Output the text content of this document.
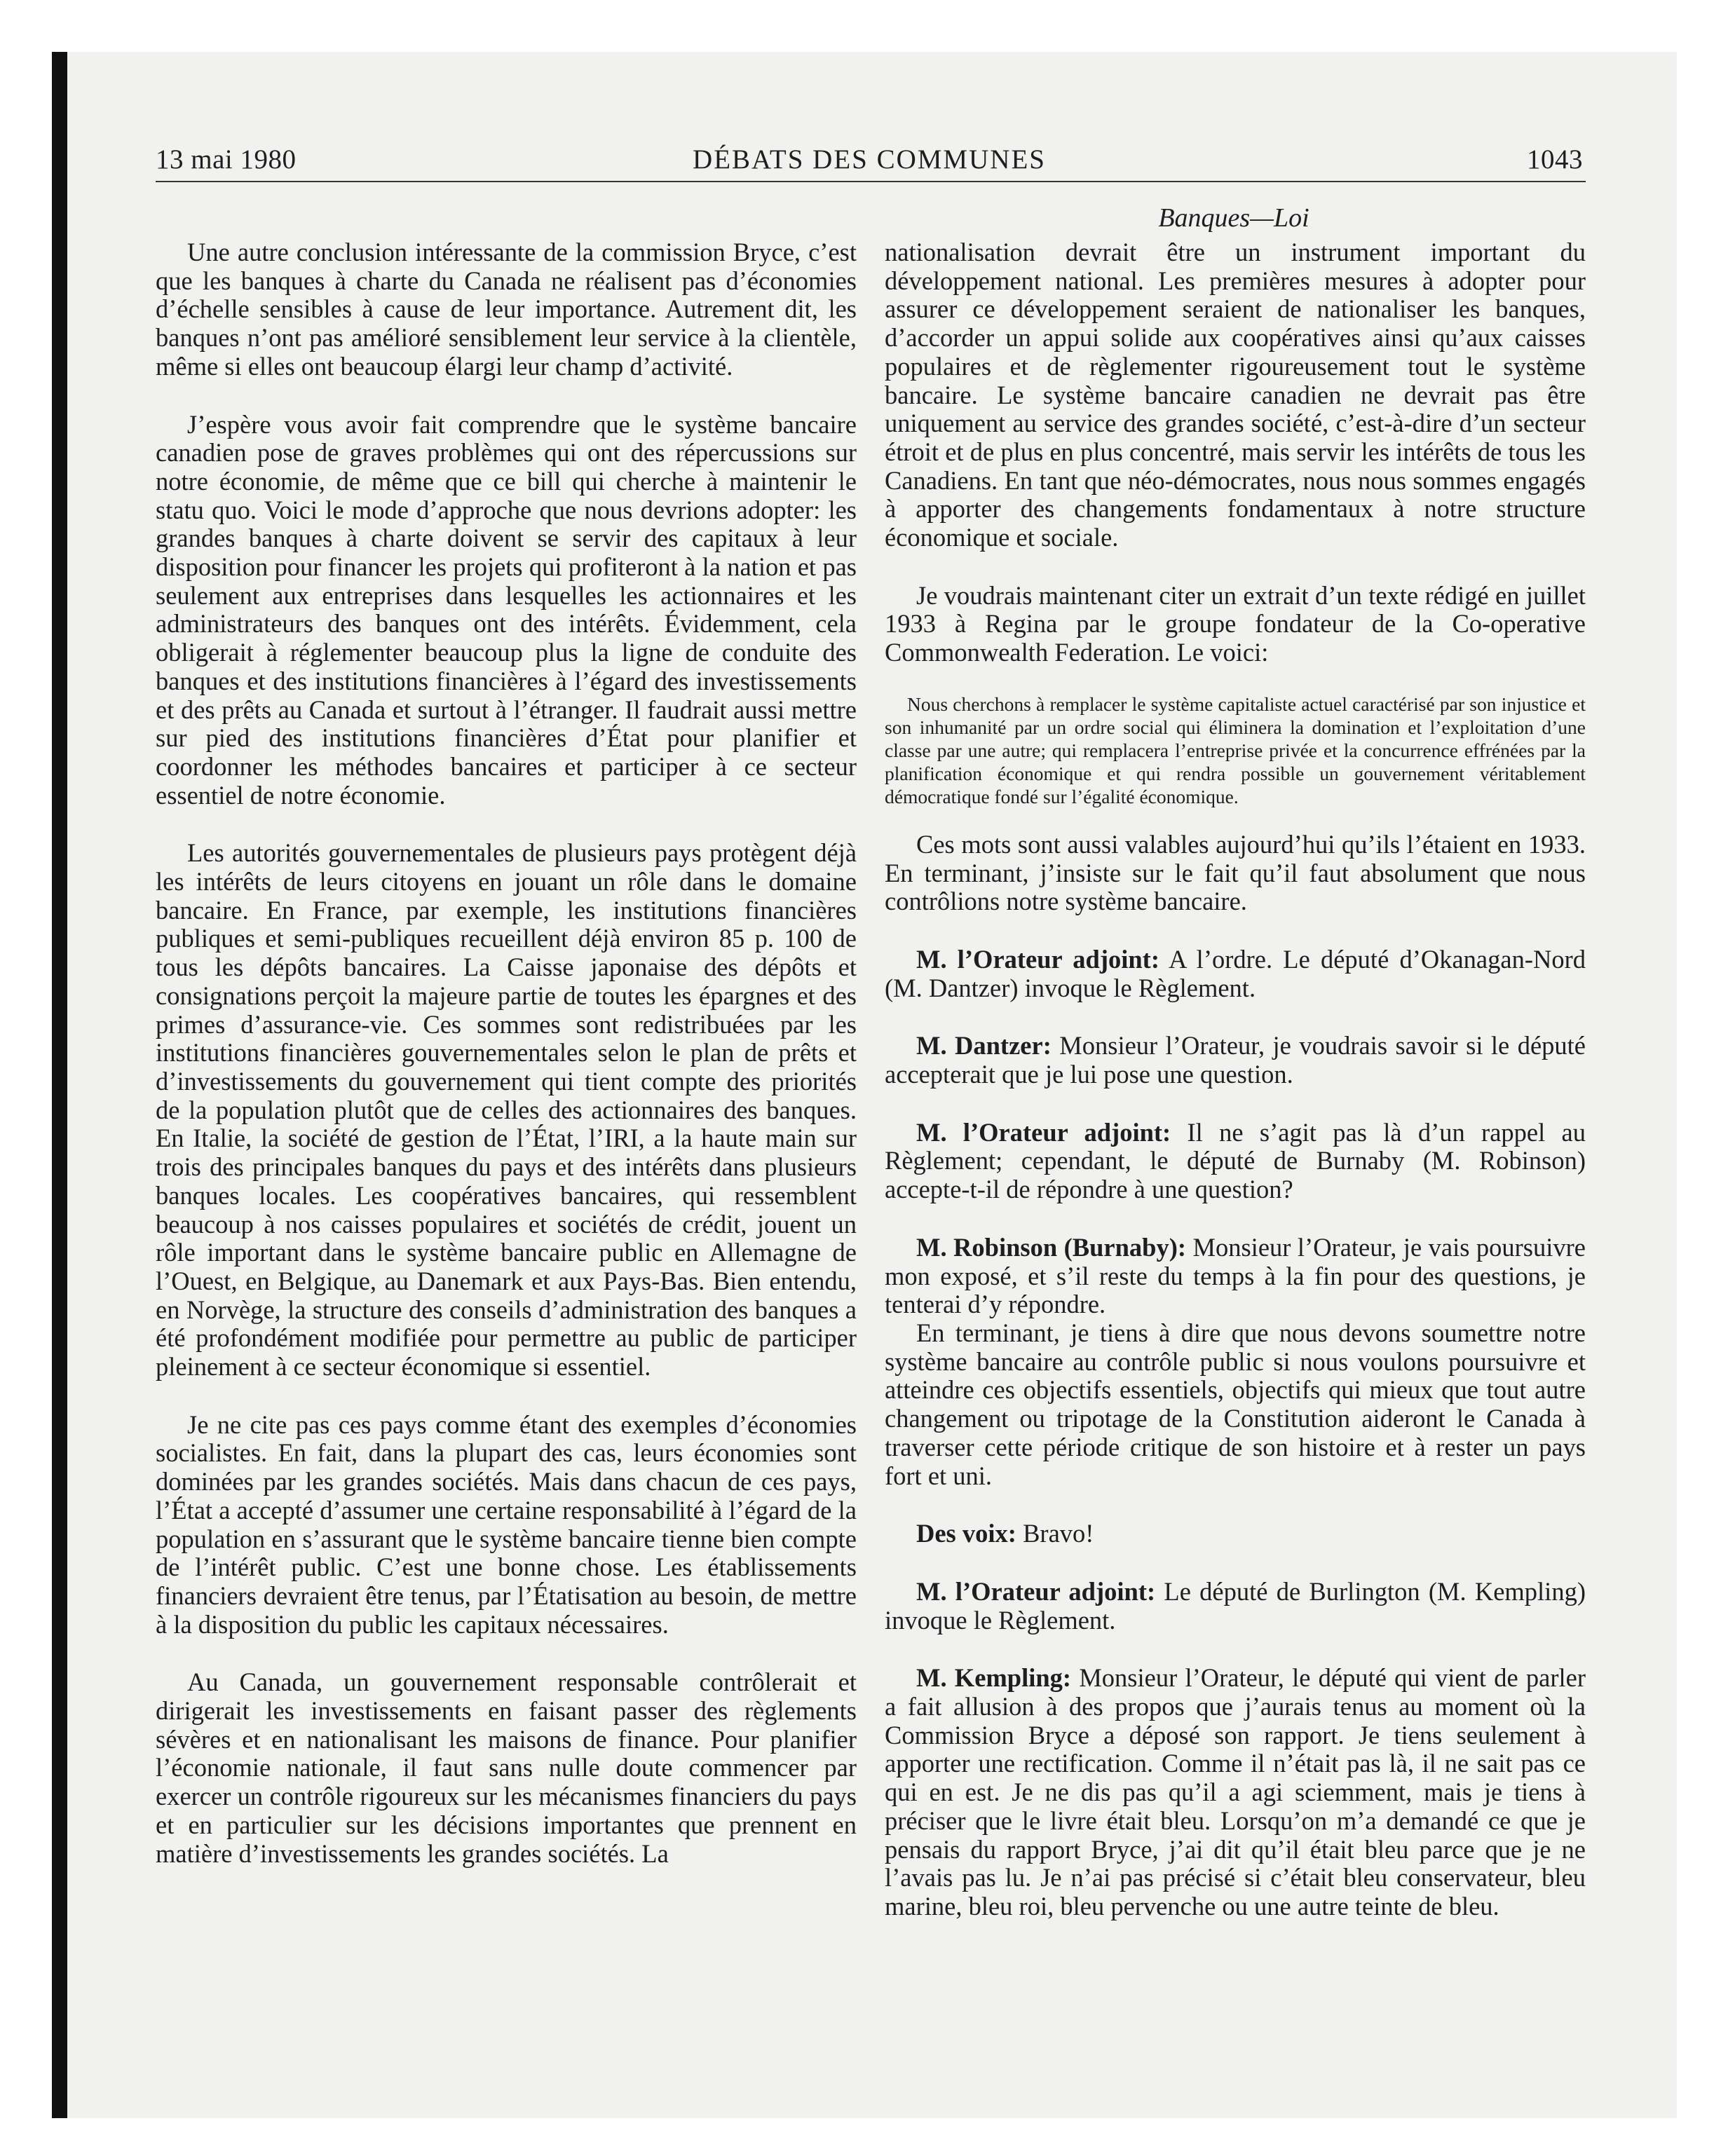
13 mai 1980	DÉBATS DES COMMUNES	1043
Banques—Loi

Une autre conclusion intéressante de la commission Bryce, c’est que les banques à charte du Canada ne réalisent pas d’économies d’échelle sensibles à cause de leur importance. Autrement dit, les banques n’ont pas amélioré sensiblement leur service à la clientèle, même si elles ont beaucoup élargi leur champ d’activité.

J’espère vous avoir fait comprendre que le système bancaire canadien pose de graves problèmes qui ont des répercussions sur notre économie, de même que ce bill qui cherche à maintenir le statu quo. Voici le mode d’approche que nous devrions adopter: les grandes banques à charte doivent se servir des capitaux à leur disposition pour financer les projets qui profiteront à la nation et pas seulement aux entreprises dans lesquelles les actionnaires et les administrateurs des banques ont des intérêts. Évidemment, cela obligerait à réglementer beaucoup plus la ligne de conduite des banques et des institutions financières à l’égard des investissements et des prêts au Canada et surtout à l’étranger. Il faudrait aussi mettre sur pied des institutions financières d’État pour planifier et coordonner les méthodes bancaires et participer à ce secteur essentiel de notre économie.

Les autorités gouvernementales de plusieurs pays protègent déjà les intérêts de leurs citoyens en jouant un rôle dans le domaine bancaire. En France, par exemple, les institutions financières publiques et semi-publiques recueillent déjà environ 85 p. 100 de tous les dépôts bancaires. La Caisse japonaise des dépôts et consignations perçoit la majeure partie de toutes les épargnes et des primes d’assurance-vie. Ces sommes sont redistribuées par les institutions financières gouvernementales selon le plan de prêts et d’investissements du gouvernement qui tient compte des priorités de la population plutôt que de celles des actionnaires des banques. En Italie, la société de gestion de l’État, l’IRI, a la haute main sur trois des principales banques du pays et des intérêts dans plusieurs banques locales. Les coopératives bancaires, qui ressemblent beaucoup à nos caisses populaires et sociétés de crédit, jouent un rôle important dans le système bancaire public en Allemagne de l’Ouest, en Belgique, au Danemark et aux Pays-Bas. Bien entendu, en Norvège, la structure des conseils d’administration des banques a été profondément modifiée pour permettre au public de participer pleinement à ce secteur économique si essentiel.

Je ne cite pas ces pays comme étant des exemples d’économies socialistes. En fait, dans la plupart des cas, leurs économies sont dominées par les grandes sociétés. Mais dans chacun de ces pays, l’État a accepté d’assumer une certaine responsabilité à l’égard de la population en s’assurant que le système bancaire tienne bien compte de l’intérêt public. C’est une bonne chose. Les établissements financiers devraient être tenus, par l’Étatisation au besoin, de mettre à la disposition du public les capitaux nécessaires.

Au Canada, un gouvernement responsable contrôlerait et dirigerait les investissements en faisant passer des règlements sévères et en nationalisant les maisons de finance. Pour planifier l’économie nationale, il faut sans nulle doute commencer par exercer un contrôle rigoureux sur les mécanismes financiers du pays et en particulier sur les décisions importantes que prennent en matière d’investissements les grandes sociétés. La

nationalisation devrait être un instrument important du développement national. Les premières mesures à adopter pour assurer ce développement seraient de nationaliser les banques, d’accorder un appui solide aux coopératives ainsi qu’aux caisses populaires et de règlementer rigoureusement tout le système bancaire. Le système bancaire canadien ne devrait pas être uniquement au service des grandes société, c’est-à-dire d’un secteur étroit et de plus en plus concentré, mais servir les intérêts de tous les Canadiens. En tant que néo-démocrates, nous nous sommes engagés à apporter des changements fondamentaux à notre structure économique et sociale.

Je voudrais maintenant citer un extrait d’un texte rédigé en juillet 1933 à Regina par le groupe fondateur de la Co-operative Commonwealth Federation. Le voici:

Nous cherchons à remplacer le système capitaliste actuel caractérisé par son injustice et son inhumanité par un ordre social qui éliminera la domination et l’exploitation d’une classe par une autre; qui remplacera l’entreprise privée et la concurrence effrénées par la planification économique et qui rendra possible un gouvernement véritablement démocratique fondé sur l’égalité économique.

Ces mots sont aussi valables aujourd’hui qu’ils l’étaient en 1933. En terminant, j’insiste sur le fait qu’il faut absolument que nous contrôlions notre système bancaire.

M. l’Orateur adjoint: A l’ordre. Le député d’Okanagan-Nord (M. Dantzer) invoque le Règlement.

M. Dantzer: Monsieur l’Orateur, je voudrais savoir si le député accepterait que je lui pose une question.

M. l’Orateur adjoint: Il ne s’agit pas là d’un rappel au Règlement; cependant, le député de Burnaby (M. Robinson) accepte-t-il de répondre à une question?

M. Robinson (Burnaby): Monsieur l’Orateur, je vais poursuivre mon exposé, et s’il reste du temps à la fin pour des questions, je tenterai d’y répondre.

En terminant, je tiens à dire que nous devons soumettre notre système bancaire au contrôle public si nous voulons poursuivre et atteindre ces objectifs essentiels, objectifs qui mieux que tout autre changement ou tripotage de la Constitution aideront le Canada à traverser cette période critique de son histoire et à rester un pays fort et uni.

Des voix: Bravo!

M. l’Orateur adjoint: Le député de Burlington (M. Kempling) invoque le Règlement.

M. Kempling: Monsieur l’Orateur, le député qui vient de parler a fait allusion à des propos que j’aurais tenus au moment où la Commission Bryce a déposé son rapport. Je tiens seulement à apporter une rectification. Comme il n’était pas là, il ne sait pas ce qui en est. Je ne dis pas qu’il a agi sciemment, mais je tiens à préciser que le livre était bleu. Lorsqu’on m’a demandé ce que je pensais du rapport Bryce, j’ai dit qu’il était bleu parce que je ne l’avais pas lu. Je n’ai pas précisé si c’était bleu conservateur, bleu marine, bleu roi, bleu pervenche ou une autre teinte de bleu.
